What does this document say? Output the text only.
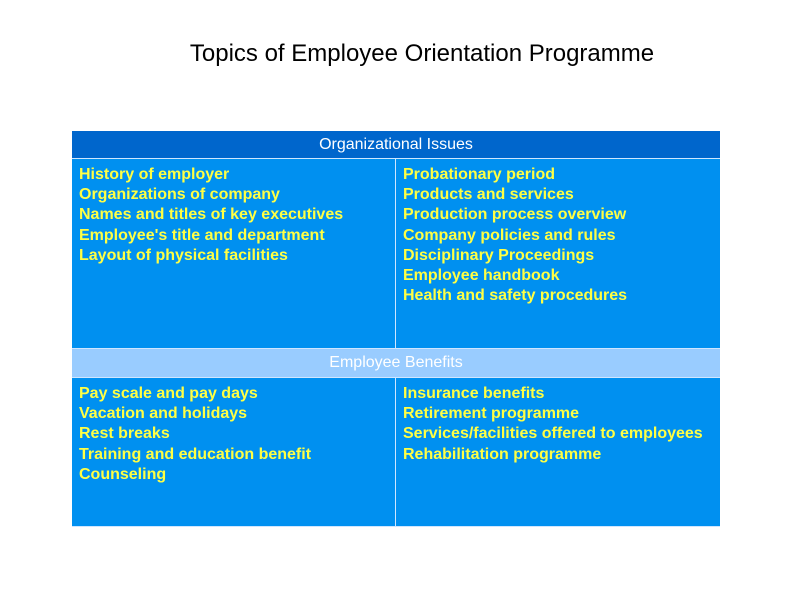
Topics of Employee Orientation Programme
Organizational Issues
History of employer
Organizations of company
Names and titles of key executives
Employee's title and department
Layout of physical facilities
Probationary period
Products and services
Production process overview
Company policies and rules
Disciplinary Proceedings
Employee handbook
Health and safety procedures
Employee Benefits
Pay scale and pay days
Vacation and holidays
Rest breaks
Training and education benefit
Counseling
Insurance benefits
Retirement programme
Services/facilities offered to employees
Rehabilitation programme
